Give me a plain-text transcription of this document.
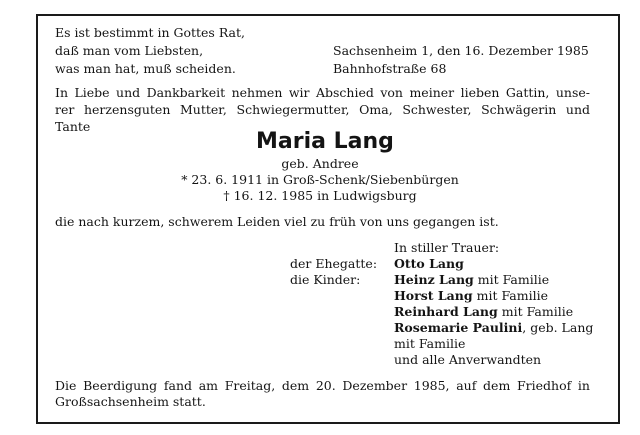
Es ist bestimmt in Gottes Rat,
daß man vom Liebsten,
was man hat, muß scheiden.
Sachsenheim 1, den 16. Dezember 1985
Bahnhofstraße 68
In Liebe und Dankbarkeit nehmen wir Abschied von meiner lieben Gattin, unse-
rer herzensguten Mutter, Schwiegermutter, Oma, Schwester, Schwägerin und
Tante
Maria Lang
geb. Andree
* 23. 6. 1911 in Groß-Schenk/Siebenbürgen
† 16. 12. 1985 in Ludwigsburg
die nach kurzem, schwerem Leiden viel zu früh von uns gegangen ist.
In stiller Trauer:
der Ehegatte: Otto Lang
die Kinder:	Heinz Lang mit Familie
Horst Lang mit Familie
Reinhard Lang mit Familie
Rosemarie Paulini, geb. Lang
mit Familie
und alle Anverwandten
Die Beerdigung fand am Freitag, dem 20. Dezember 1985, auf dem Friedhof in
Großsachsenheim statt.
